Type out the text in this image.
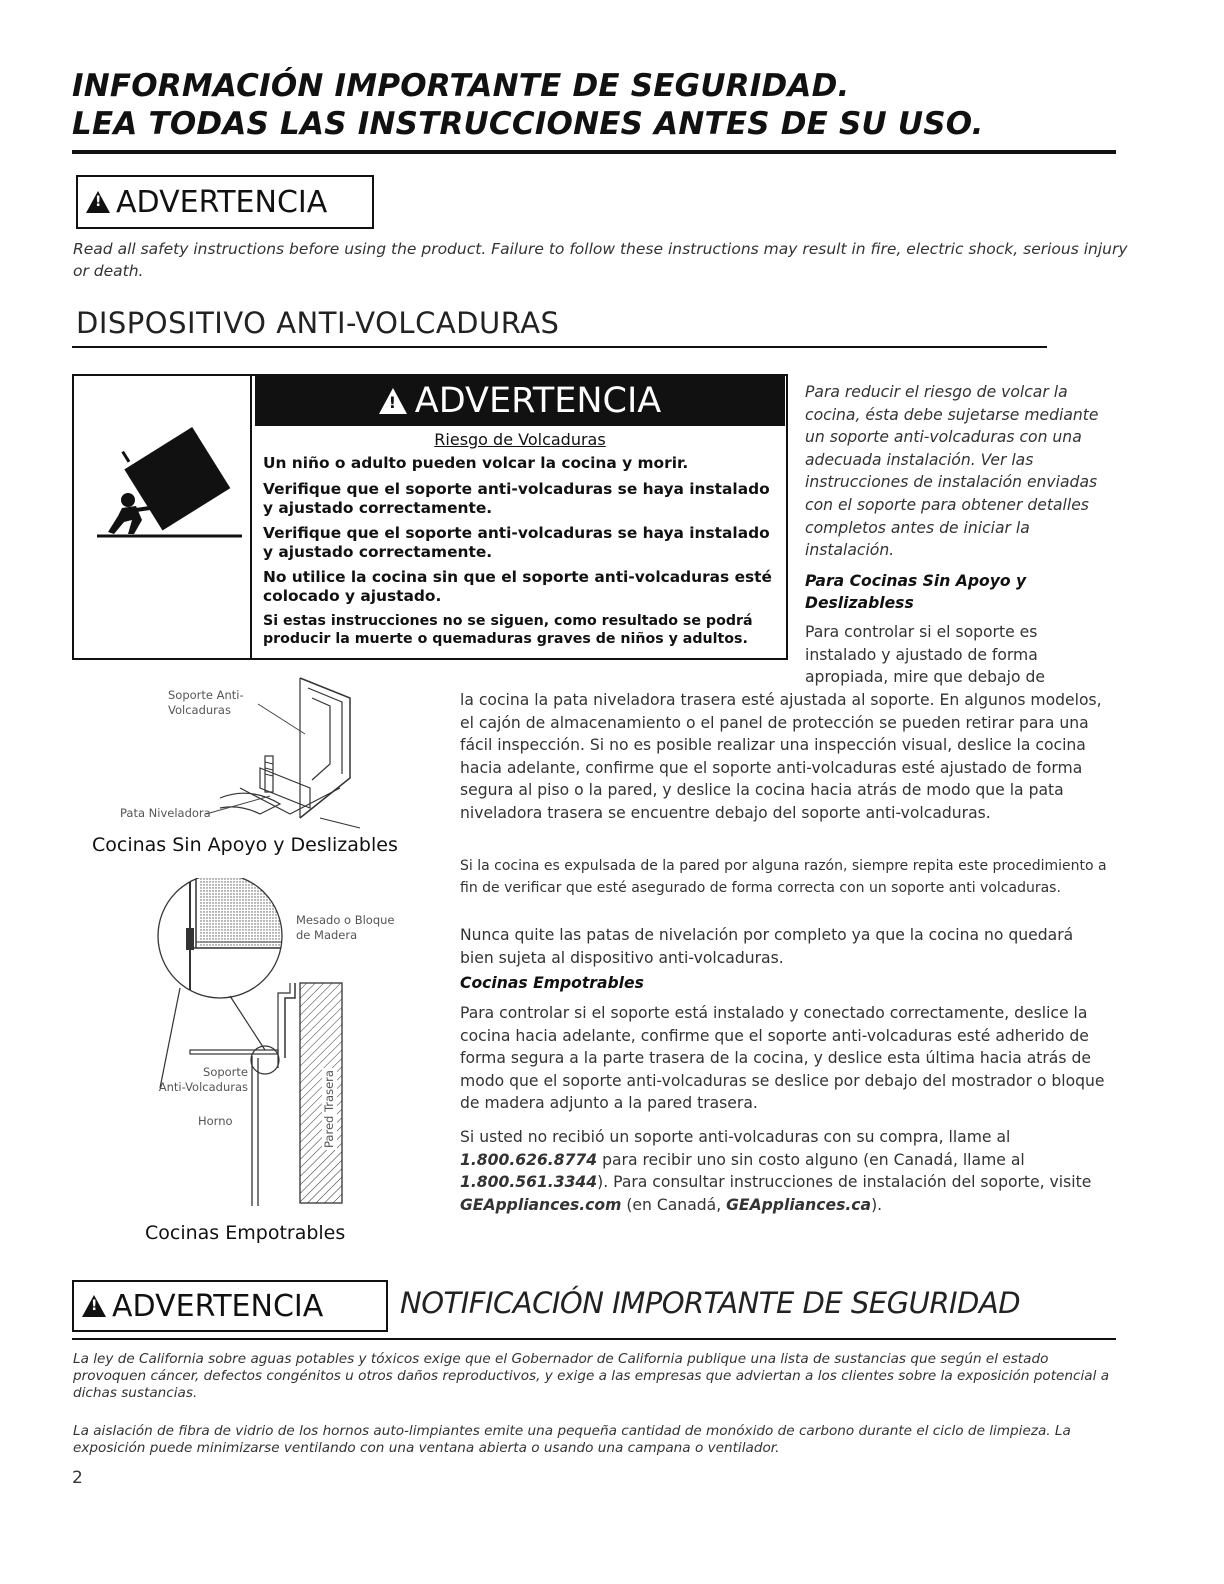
INFORMACIÓN IMPORTANTE DE SEGURIDAD.
LEA TODAS LAS INSTRUCCIONES ANTES DE SU USO.
!
ADVERTENCIA
Read all safety instructions before using the product. Failure to follow these instructions may result in fire, electric shock, serious injury or death.
DISPOSITIVO ANTI-VOLCADURAS
! ADVERTENCIA
Riesgo de Volcaduras

Un niño o adulto pueden volcar la cocina y morir.

Verifique que el soporte anti-volcaduras se haya instalado y ajustado correctamente.

Verifique que el soporte anti-volcaduras se haya instalado y ajustado correctamente.

No utilice la cocina sin que el soporte anti-volcaduras esté colocado y ajustado.

Si estas instrucciones no se siguen, como resultado se podrá producir la muerte o quemaduras graves de niños y adultos.

Para reducir el riesgo de volcar la cocina, ésta debe sujetarse mediante un soporte anti-volcaduras con una adecuada instalación. Ver las instrucciones de instalación enviadas con el soporte para obtener detalles completos antes de iniciar la instalación.
Para Cocinas Sin Apoyo y Deslizabless
Para controlar si el soporte es instalado y ajustado de forma apropiada, mire que debajo de
Soporte Anti-
Volcaduras
Pata Niveladora
Cocinas Sin Apoyo y Deslizables
Mesado o Bloque
de Madera
Soporte
Anti-Volcaduras
Horno	Pared Trasera
Cocinas Empotrables
la cocina la pata niveladora trasera esté ajustada al soporte. En algunos modelos, el cajón de almacenamiento o el panel de protección se pueden retirar para una fácil inspección. Si no es posible realizar una inspección visual, deslice la cocina hacia adelante, confirme que el soporte anti-volcaduras esté ajustado de forma segura al piso o la pared, y deslice la cocina hacia atrás de modo que la pata niveladora trasera se encuentre debajo del soporte anti-volcaduras.
Si la cocina es expulsada de la pared por alguna razón, siempre repita este procedimiento a fin de verificar que esté asegurado de forma correcta con un soporte anti volcaduras.
Nunca quite las patas de nivelación por completo ya que la cocina no quedará bien sujeta al dispositivo anti-volcaduras.
Cocinas Empotrables
Para controlar si el soporte está instalado y conectado correctamente, deslice la cocina hacia adelante, confirme que el soporte anti-volcaduras esté adherido de forma segura a la parte trasera de la cocina, y deslice esta última hacia atrás de modo que el soporte anti-volcaduras se deslice por debajo del mostrador o bloque de madera adjunto a la pared trasera.
Si usted no recibió un soporte anti-volcaduras con su compra, llame al 1.800.626.8774 para recibir uno sin costo alguno (en Canadá, llame al 1.800.561.3344). Para consultar instrucciones de instalación del soporte, visite GEAppliances.com (en Canadá, GEAppliances.ca).
!
ADVERTENCIA	NOTIFICACIÓN IMPORTANTE DE SEGURIDAD
La ley de California sobre aguas potables y tóxicos exige que el Gobernador de California publique una lista de sustancias que según el estado provoquen cáncer, defectos congénitos u otros daños reproductivos, y exige a las empresas que adviertan a los clientes sobre la exposición potencial a dichas sustancias.
La aislación de fibra de vidrio de los hornos auto-limpiantes emite una pequeña cantidad de monóxido de carbono durante el ciclo de limpieza. La exposición puede minimizarse ventilando con una ventana abierta o usando una campana o ventilador.
2
